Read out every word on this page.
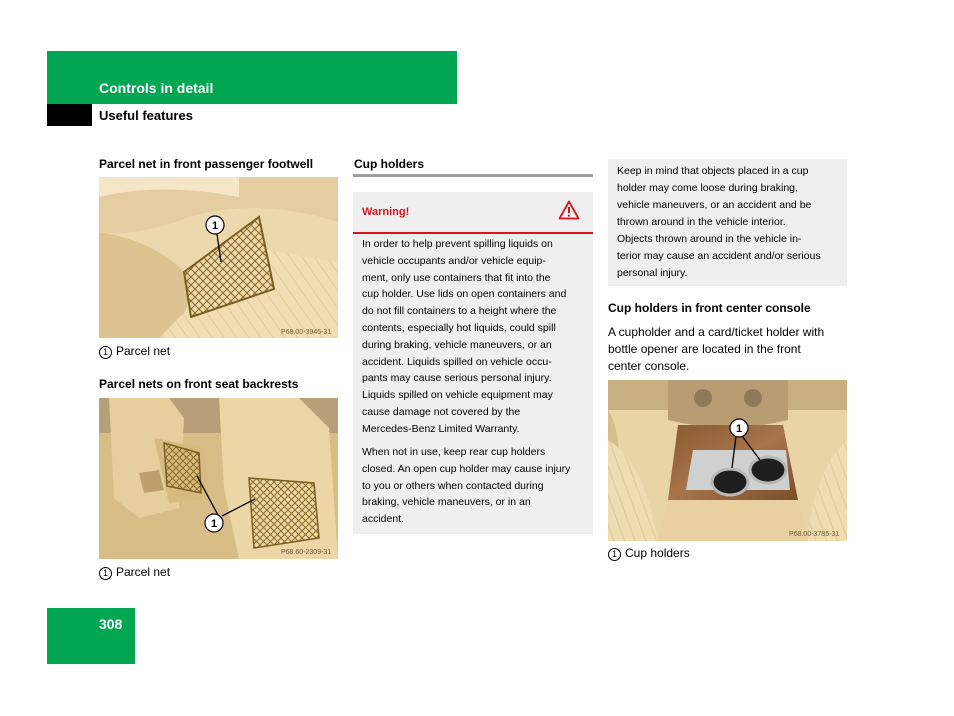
Controls in detail
Useful features
Parcel net in front passenger footwell
1
P68.00-3945-31
1 Parcel net
Parcel nets on front seat backrests
1
P68.60-2309-31
1 Parcel net
Cup holders
Warning!
In order to help prevent spilling liquids on
vehicle occupants and/or vehicle equip-
ment, only use containers that fit into the
cup holder. Use lids on open containers and
do not fill containers to a height where the
contents, especially hot liquids, could spill
during braking, vehicle maneuvers, or an
accident. Liquids spilled on vehicle occu-
pants may cause serious personal injury.
Liquids spilled on vehicle equipment may
cause damage not covered by the
Mercedes-Benz Limited Warranty.
When not in use, keep rear cup holders
closed. An open cup holder may cause injury
to you or others when contacted during
braking, vehicle maneuvers, or in an
accident.
Keep in mind that objects placed in a cup
holder may come loose during braking,
vehicle maneuvers, or an accident and be
thrown around in the vehicle interior.
Objects thrown around in the vehicle in-
terior may cause an accident and/or serious
personal injury.
Cup holders in front center console
A cupholder and a card/ticket holder with
bottle opener are located in the front
center console.
1
P68.00-3785-31
1 Cup holders
308
